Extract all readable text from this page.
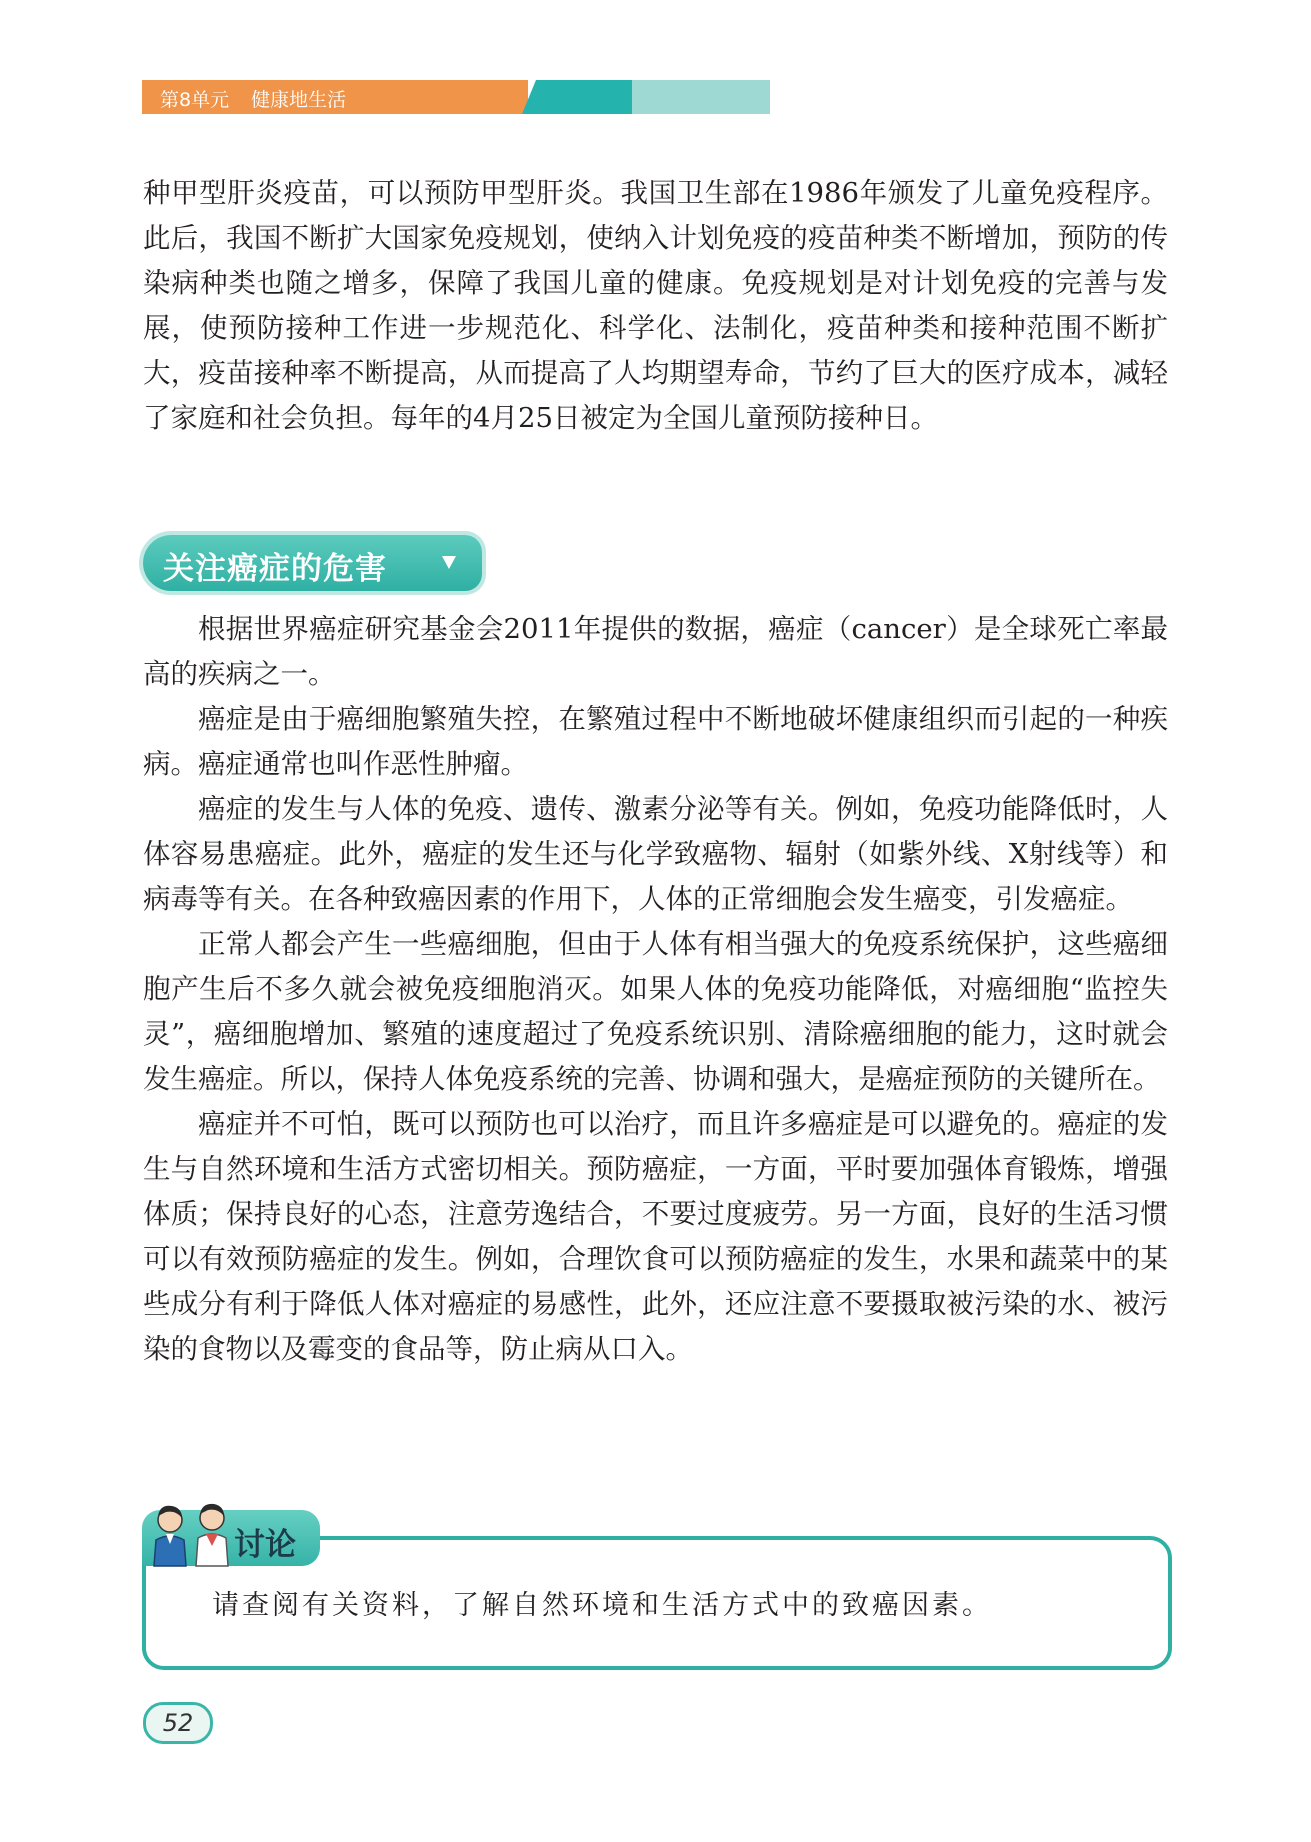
第8单元 健康地生活

种甲型肝炎疫苗，可以预防甲型肝炎。我国卫生部在1986年颁发了儿童免疫程序。此后，我国不断扩大国家免疫规划，使纳入计划免疫的疫苗种类不断增加，预防的传染病种类也随之增多，保障了我国儿童的健康。免疫规划是对计划免疫的完善与发展，使预防接种工作进一步规范化、科学化、法制化，疫苗种类和接种范围不断扩大，疫苗接种率不断提高，从而提高了人均期望寿命，节约了巨大的医疗成本，减轻了家庭和社会负担。每年的4月25日被定为全国儿童预防接种日。

关注癌症的危害

根据世界癌症研究基金会2011年提供的数据，癌症（cancer）是全球死亡率最高的疾病之一。

癌症是由于癌细胞繁殖失控，在繁殖过程中不断地破坏健康组织而引起的一种疾病。癌症通常也叫作恶性肿瘤。

癌症的发生与人体的免疫、遗传、激素分泌等有关。例如，免疫功能降低时，人体容易患癌症。此外，癌症的发生还与化学致癌物、辐射（如紫外线、X射线等）和病毒等有关。在各种致癌因素的作用下，人体的正常细胞会发生癌变，引发癌症。

正常人都会产生一些癌细胞，但由于人体有相当强大的免疫系统保护，这些癌细胞产生后不多久就会被免疫细胞消灭。如果人体的免疫功能降低，对癌细胞“监控失灵”，癌细胞增加、繁殖的速度超过了免疫系统识别、清除癌细胞的能力，这时就会发生癌症。所以，保持人体免疫系统的完善、协调和强大，是癌症预防的关键所在。

癌症并不可怕，既可以预防也可以治疗，而且许多癌症是可以避免的。癌症的发生与自然环境和生活方式密切相关。预防癌症，一方面，平时要加强体育锻炼，增强体质；保持良好的心态，注意劳逸结合，不要过度疲劳。另一方面，良好的生活习惯可以有效预防癌症的发生。例如，合理饮食可以预防癌症的发生，水果和蔬菜中的某些成分有利于降低人体对癌症的易感性，此外，还应注意不要摄取被污染的水、被污染的食物以及霉变的食品等，防止病从口入。

讨论
请查阅有关资料，了解自然环境和生活方式中的致癌因素。
52
